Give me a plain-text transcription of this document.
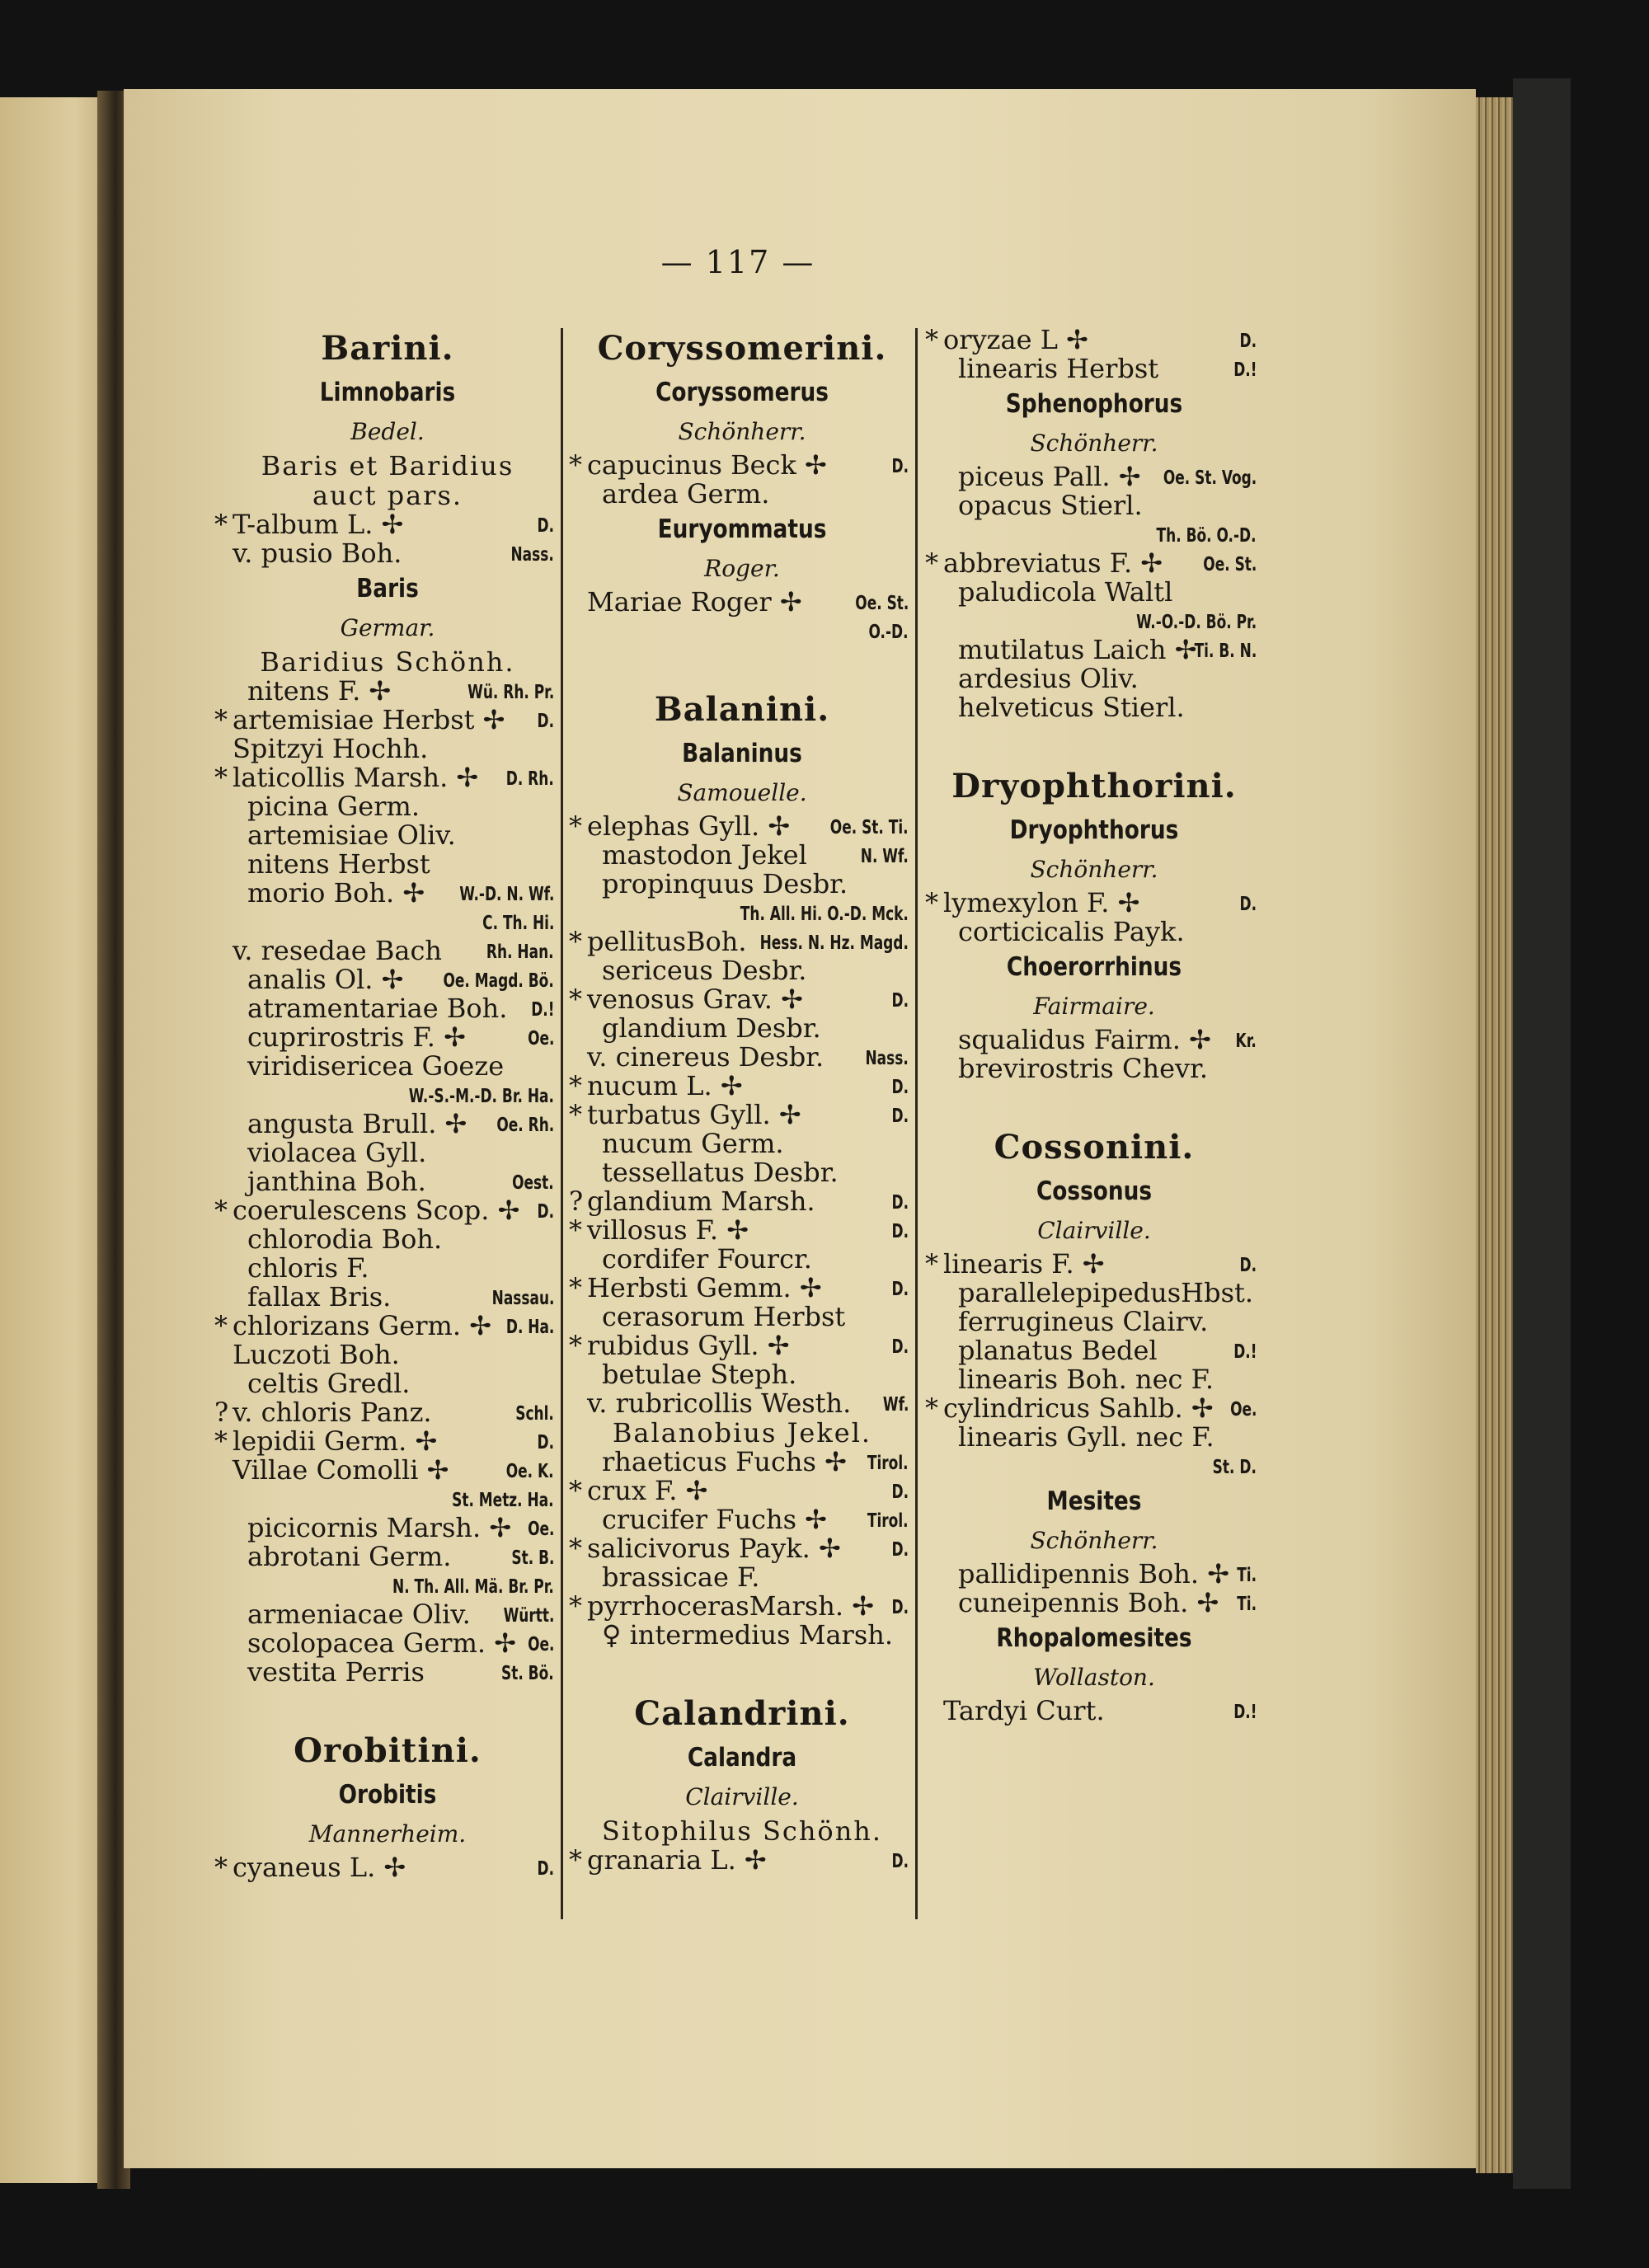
— 117 —
Barini.
Limnobaris
Bedel.
Baris et Baridius
auct pars.
* T-album L. ✢	D.
v. pusio Boh.	Nass.
Baris
Germar.
Baridius Schönh.
nitens F. ✢	Wü. Rh. Pr.
* artemisiae Herbst ✢ D.
Spitzyi Hochh.
* laticollis Marsh. ✢ D. Rh.
picina Germ.
artemisiae Oliv.
nitens Herbst
morio Boh. ✢ W.-D. N. Wf.
C. Th. Hi.
v. resedae Bach Rh. Han.
analis Ol. ✢ Oe. Magd. Bö.
atramentariae Boh. D.!
cuprirostris F. ✢	Oe.
viridisericea Goeze
W.-S.-M.-D. Br. Ha.
angusta Brull. ✢ Oe. Rh.
violacea Gyll.
janthina Boh.	Oest.
* coerulescens Scop. ✢ D.
chlorodia Boh.
chloris F.
fallax Bris.	Nassau.
* chlorizans Germ. ✢ D. Ha.
Luczoti Boh.
celtis Gredl.
? v. chloris Panz.	Schl.
* lepidii Germ. ✢	D.
Villae Comolli ✢	Oe. K.
St. Metz. Ha.
picicornis Marsh. ✢ Oe.
abrotani Germ.	St. B.
N. Th. All. Mä. Br. Pr.
armeniacae Oliv. Württ.
scolopacea Germ. ✢ Oe.
vestita Perris	St. Bö.
Orobitini.
Orobitis
Mannerheim.
* cyaneus L. ✢	D.
Coryssomerini.
Coryssomerus
Schönherr.
* capucinus Beck ✢	D.
ardea Germ.
Euryommatus
Roger.
Mariae Roger ✢	Oe. St.
O.-D.
Balanini.
Balaninus
Samouelle.
* elephas Gyll. ✢ Oe. St. Ti.
mastodon Jekel	N. Wf.
propinquus Desbr.
Th. All. Hi. O.-D. Mck.
* pellitusBoh. Hess. N. Hz. Magd.
sericeus Desbr.
* venosus Grav. ✢	D.
glandium Desbr.
v. cinereus Desbr. Nass.
* nucum L. ✢	D.
* turbatus Gyll. ✢	D.
nucum Germ.
tessellatus Desbr.
? glandium Marsh.	D.
* villosus F. ✢	D.
cordifer Fourcr.
* Herbsti Gemm. ✢	D.
cerasorum Herbst
* rubidus Gyll. ✢	D.
betulae Steph.
v. rubricollis Westh. Wf.
Balanobius Jekel.
rhaeticus Fuchs ✢ Tirol.
* crux F. ✢	D.
crucifer Fuchs ✢ Tirol.
* salicivorus Payk. ✢	D.
brassicae F.
* pyrrhocerasMarsh. ✢ D.
♀ intermedius Marsh.
Calandrini.
Calandra
Clairville.
Sitophilus Schönh.
* granaria L. ✢	D.
* oryzae L ✢	D.
linearis Herbst	D.!
Sphenophorus
Schönherr.
piceus Pall. ✢ Oe. St. Vog.
opacus Stierl.
Th. Bö. O.-D.
* abbreviatus F. ✢ Oe. St.
paludicola Waltl
W.-O.-D. Bö. Pr.
mutilatus Laich ✢
Ti. B. N.
ardesius Oliv.
helveticus Stierl.
Dryophthorini.
Dryophthorus
Schönherr.
* lymexylon F. ✢	D.
corticicalis Payk.
Choerorrhinus
Fairmaire.
squalidus Fairm. ✢ Kr.
brevirostris Chevr.
Cossonini.
Cossonus
Clairville.
* linearis F. ✢	D.
parallelepipedusHbst.
ferrugineus Clairv.
planatus Bedel	D.!
linearis Boh. nec F.
* cylindricus Sahlb. ✢ Oe.
linearis Gyll. nec F.
St. D.
Mesites
Schönherr.
pallidipennis Boh. ✢ Ti.
cuneipennis Boh. ✢ Ti.
Rhopalomesites
Wollaston.
Tardyi Curt.	D.!
